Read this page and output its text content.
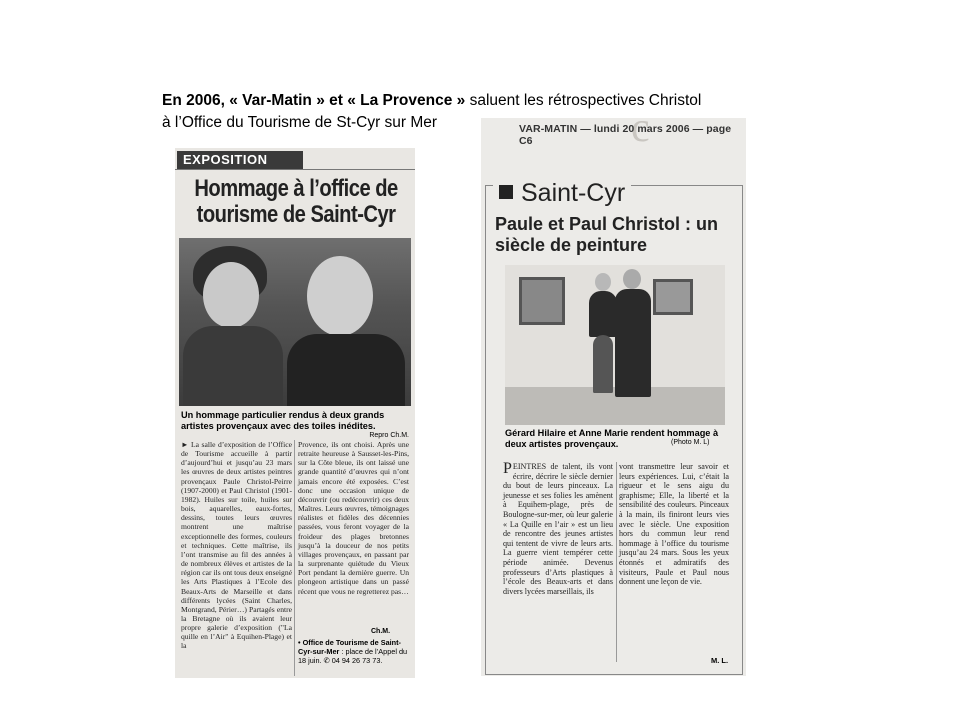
En 2006, « Var-Matin » et « La Provence » saluent les rétrospectives Christol
à l’Office du Tourisme de St-Cyr sur Mer
EXPOSITION
Hommage à l’office de tourisme de Saint-Cyr
Un hommage particulier rendus à deux grands artistes provençaux avec des toiles inédites.
Repro Ch.M.
► La salle d’exposition de l’Office de Tourisme accueille à partir d’aujourd’hui et jusqu’au 23 mars les œuvres de deux artistes peintres provençaux Paule Christol-Peirre (1907-2000) et Paul Christol (1901-1982). Huiles sur toile, huiles sur bois, aquarelles, eaux-fortes, dessins, toutes leurs œuvres montrent une maîtrise exceptionnelle des formes, couleurs et techniques. Cette maîtrise, ils l’ont transmise au fil des années à de nombreux élèves et artistes de la région car ils ont tous deux enseigné les Arts Plastiques à l’Ecole des Beaux-Arts de Marseille et dans différents lycées (Saint Charles, Montgrand, Périer…) Partagés entre la Bretagne où ils avaient leur propre galerie d’exposition ("La quille en l’Air" à Equihen-Plage) et la
Provence, ils ont choisi. Après une retraite heureuse à Sausset-les-Pins, sur la Côte bleue, ils ont laissé une grande quantité d’œuvres qui n’ont jamais encore été exposées. C’est donc une occasion unique de découvrir (ou redécouvrir) ces deux Maîtres. Leurs œuvres, témoignages réalistes et fidèles des décennies passées, vous feront voyager de la froideur des plages bretonnes jusqu’à la douceur de nos petits villages provençaux, en passant par la surprenante quiétude du Vieux Port pendant la dernière guerre. Un plongeon artistique dans un passé récent que vous ne regretterez pas…
Ch.M.
• Office de Tourisme de Saint-Cyr-sur-Mer : place de l’Appel du 18 juin. ✆ 04 94 26 73 73.
c
VAR-MATIN — lundi 20 mars 2006 — page C6
Saint-Cyr
Paule et Paul Christol : un siècle de peinture
Gérard Hilaire et Anne Marie rendent hommage à deux artistes provençaux.	(Photo M. L)
PEINTRES de talent, ils vont écrire, décrire le siècle dernier du bout de leurs pinceaux. La jeunesse et ses folies les amènent à Equihem-plage, près de Boulogne-sur-mer, où leur galerie « La Quille en l’air » est un lieu de rencontre des jeunes artistes qui tentent de vivre de leurs arts. La guerre vient tempérer cette période animée. Devenus professeurs d’Arts plastiques à l’école des Beaux-arts et dans divers lycées marseillais, ils
vont transmettre leur savoir et leurs expériences. Lui, c’était la rigueur et le sens aigu du graphisme; Elle, la liberté et la sensibilité des couleurs. Pinceaux à la main, ils finiront leurs vies avec le siècle. Une exposition hors du commun leur rend hommage à l’office du tourisme jusqu’au 24 mars. Sous les yeux étonnés et admiratifs des visiteurs, Paule et Paul nous donnent une leçon de vie.
M. L.
